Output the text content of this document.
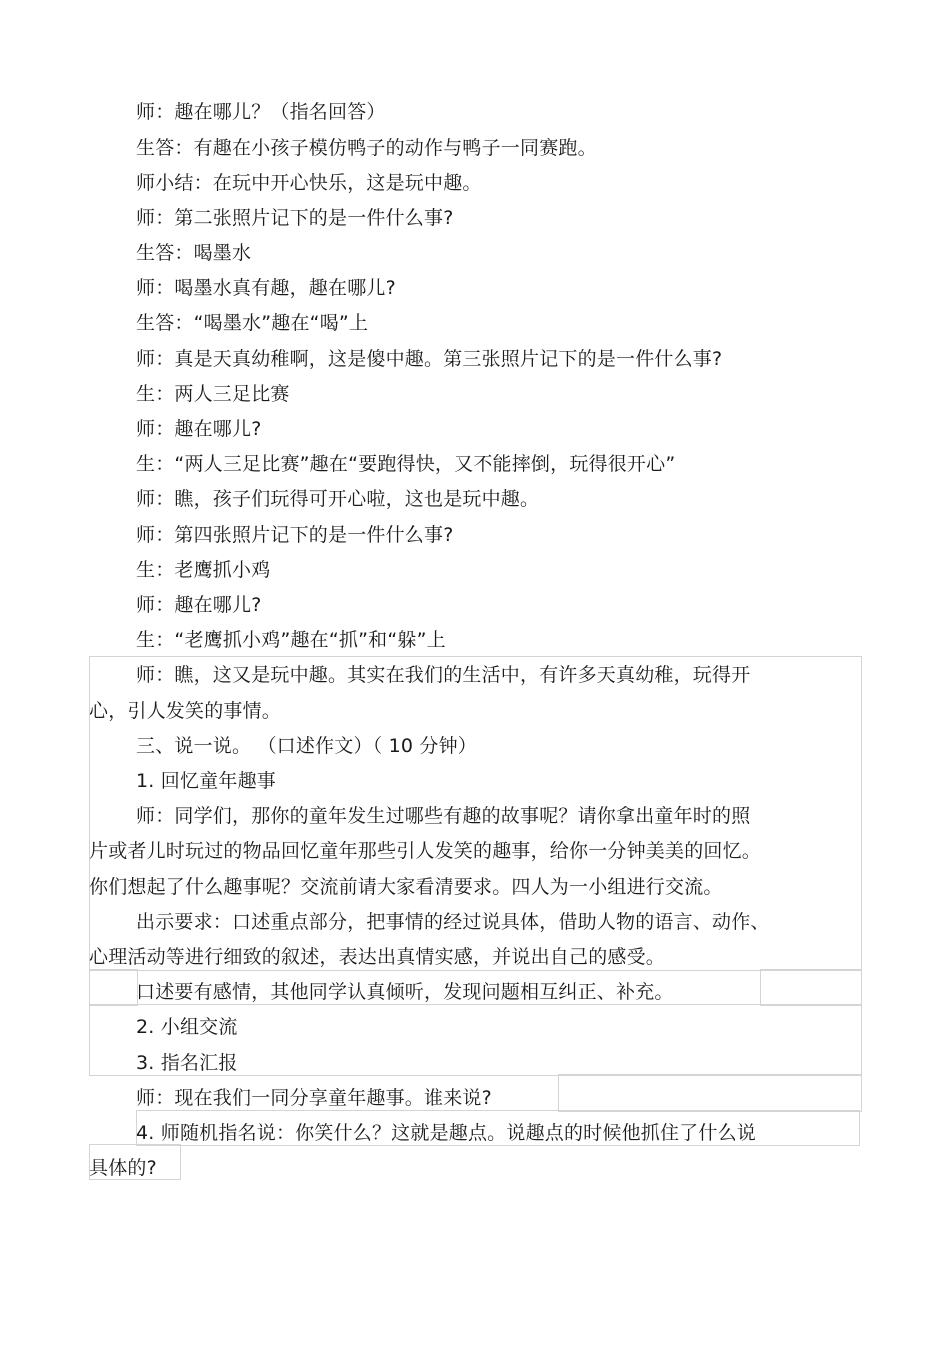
师：趣在哪儿？（指名回答）
生答：有趣在小孩子模仿鸭子的动作与鸭子一同赛跑。
师小结：在玩中开心快乐，这是玩中趣。
师：第二张照片记下的是一件什么事?
生答：喝墨水
师：喝墨水真有趣，趣在哪儿?
生答：“喝墨水”趣在“喝”上
师：真是天真幼稚啊，这是傻中趣。第三张照片记下的是一件什么事?
生：两人三足比赛
师：趣在哪儿?
生：“两人三足比赛”趣在“要跑得快，又不能摔倒，玩得很开心”
师：瞧，孩子们玩得可开心啦，这也是玩中趣。
师：第四张照片记下的是一件什么事?
生：老鹰抓小鸡
师：趣在哪儿?
生：“老鹰抓小鸡”趣在“抓”和“躲”上
师：瞧，这又是玩中趣。其实在我们的生活中，有许多天真幼稚，玩得开
心，引人发笑的事情。
三、说一说。 （口述作文）（ 10 分钟）
1. 回忆童年趣事
师：同学们，那你的童年发生过哪些有趣的故事呢？请你拿出童年时的照
片或者儿时玩过的物品回忆童年那些引人发笑的趣事，给你一分钟美美的回忆。
你们想起了什么趣事呢？交流前请大家看清要求。四人为一小组进行交流。
出示要求：口述重点部分，把事情的经过说具体，借助人物的语言、动作、
心理活动等进行细致的叙述，表达出真情实感，并说出自己的感受。
口述要有感情，其他同学认真倾听，发现问题相互纠正、补充。
2. 小组交流
3. 指名汇报
师：现在我们一同分享童年趣事。谁来说?
4. 师随机指名说：你笑什么？这就是趣点。说趣点的时候他抓住了什么说
具体的?
